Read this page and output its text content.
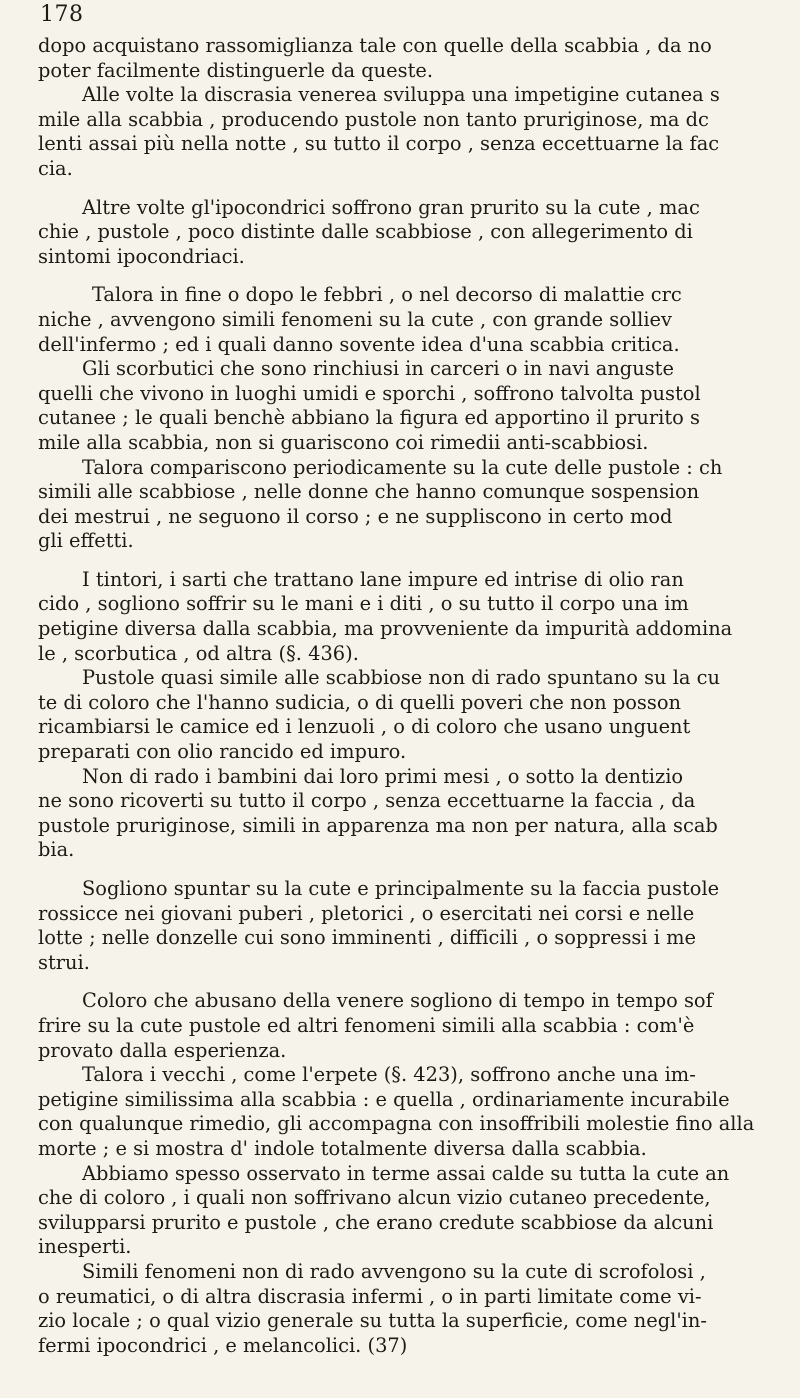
178
dopo acquistano rassomiglianza tale con quelle della scabbia , da no
poter facilmente distinguerle da queste.
Alle volte la discrasia venerea sviluppa una impetigine cutanea s
mile alla scabbia , producendo pustole non tanto pruriginose, ma dc
lenti assai più nella notte , su tutto il corpo , senza eccettuarne la fac
cia.
Altre volte gl'ipocondrici soffrono gran prurito su la cute , mac
chie , pustole , poco distinte dalle scabbiose , con allegerimento di
sintomi ipocondriaci.
Talora in fine o dopo le febbri , o nel decorso di malattie crc
niche , avvengono simili fenomeni su la cute , con grande solliev
dell'infermo ; ed i quali danno sovente idea d'una scabbia critica.
Gli scorbutici che sono rinchiusi in carceri o in navi anguste
quelli che vivono in luoghi umidi e sporchi , soffrono talvolta pustol
cutanee ; le quali benchè abbiano la figura ed apportino il prurito s
mile alla scabbia, non si guariscono coi rimedii anti-scabbiosi.
Talora compariscono periodicamente su la cute delle pustole : ch
simili alle scabbiose , nelle donne che hanno comunque sospension
dei mestrui , ne seguono il corso ; e ne suppliscono in certo mod
gli effetti.
I tintori, i sarti che trattano lane impure ed intrise di olio ran
cido , sogliono soffrir su le mani e i diti , o su tutto il corpo una im
petigine diversa dalla scabbia, ma provveniente da impurità addomina
le , scorbutica , od altra (§. 436).
Pustole quasi simile alle scabbiose non di rado spuntano su la cu
te di coloro che l'hanno sudicia, o di quelli poveri che non posson
ricambiarsi le camice ed i lenzuoli , o di coloro che usano unguent
preparati con olio rancido ed impuro.
Non di rado i bambini dai loro primi mesi , o sotto la dentizio
ne sono ricoverti su tutto il corpo , senza eccettuarne la faccia , da
pustole pruriginose, simili in apparenza ma non per natura, alla scab
bia.
Sogliono spuntar su la cute e principalmente su la faccia pustole
rossicce nei giovani puberi , pletorici , o esercitati nei corsi e nelle
lotte ; nelle donzelle cui sono imminenti , difficili , o soppressi i me
strui.
Coloro che abusano della venere sogliono di tempo in tempo sof
frire su la cute pustole ed altri fenomeni simili alla scabbia : com'è
provato dalla esperienza.
Talora i vecchi , come l'erpete (§. 423), soffrono anche una im-
petigine similissima alla scabbia : e quella , ordinariamente incurabile
con qualunque rimedio, gli accompagna con insoffribili molestie fino alla
morte ; e si mostra d' indole totalmente diversa dalla scabbia.
Abbiamo spesso osservato in terme assai calde su tutta la cute an
che di coloro , i quali non soffrivano alcun vizio cutaneo precedente,
svilupparsi prurito e pustole , che erano credute scabbiose da alcuni
inesperti.
Simili fenomeni non di rado avvengono su la cute di scrofolosi ,
o reumatici, o di altra discrasia infermi , o in parti limitate come vi-
zio locale ; o qual vizio generale su tutta la superficie, come negl'in-
fermi ipocondrici , e melancolici. (37)
